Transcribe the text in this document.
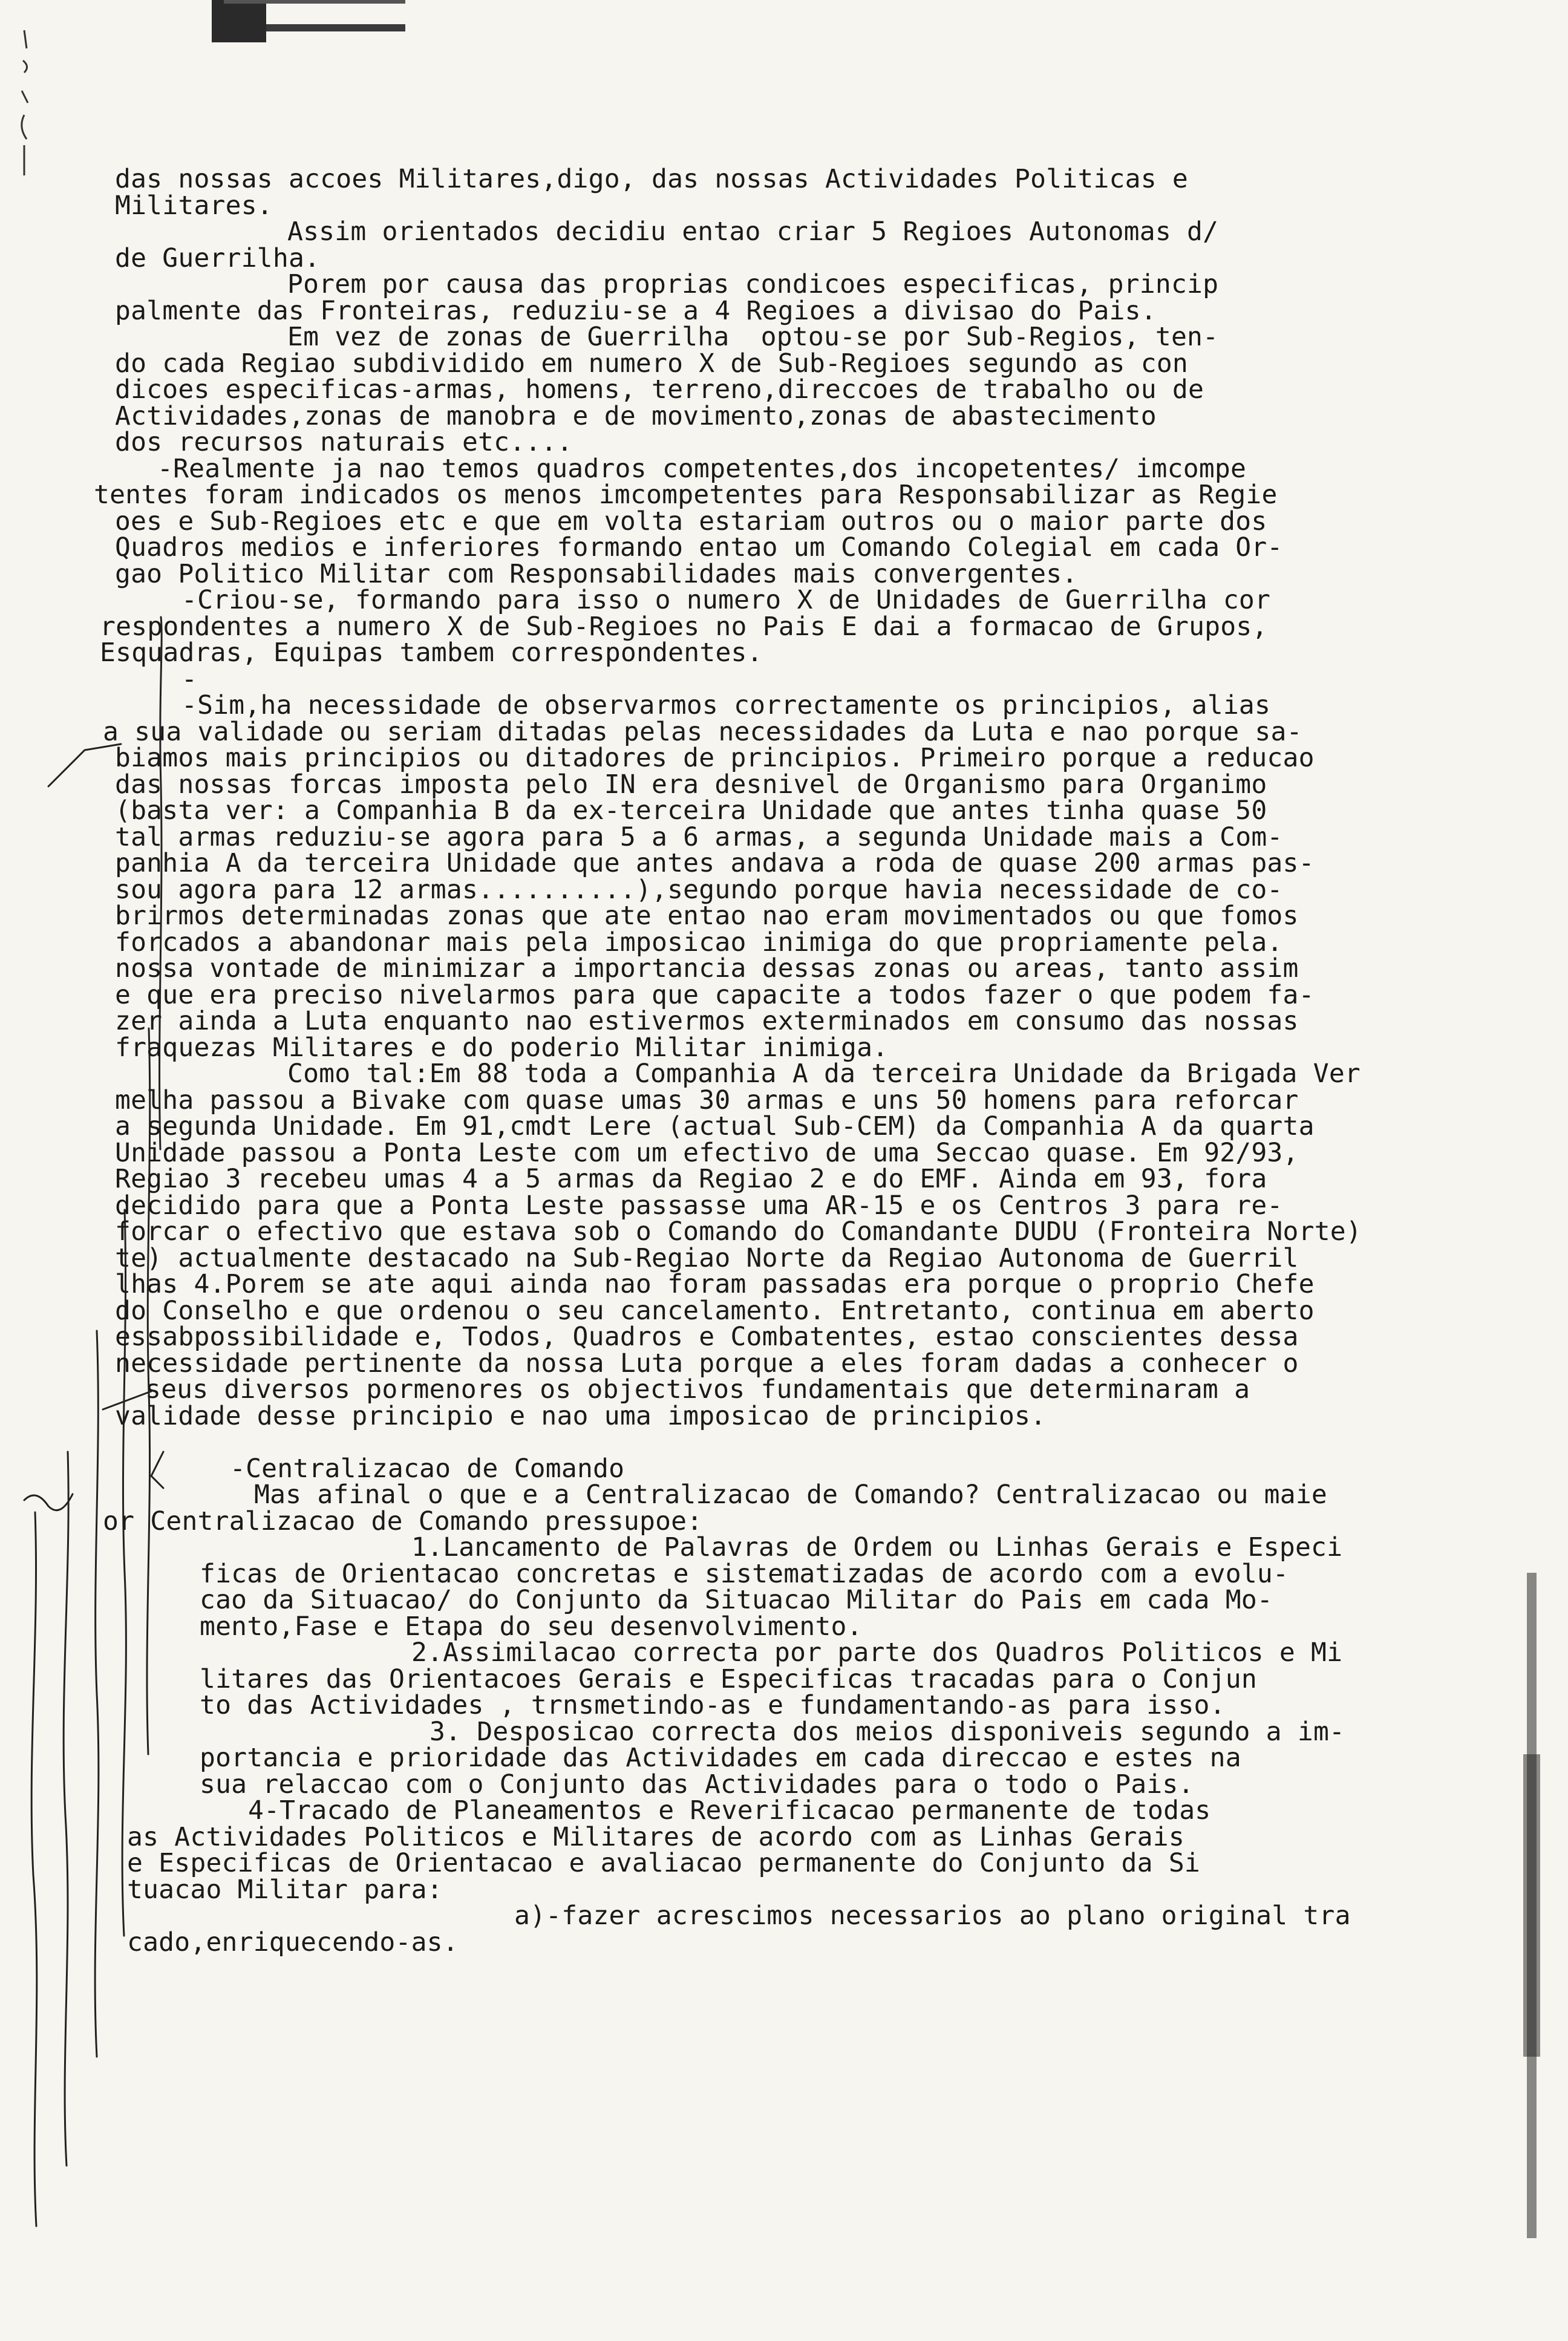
das nossas accoes Militares,digo, das nossas Actividades Politicas e
Militares.
Assim orientados decidiu entao criar 5 Regioes Autonomas d/
de Guerrilha.
Porem por causa das proprias condicoes especificas, princip
palmente das Fronteiras, reduziu-se a 4 Regioes a divisao do Pais.
Em vez de zonas de Guerrilha  optou-se por Sub-Regios, ten-
do cada Regiao subdividido em numero X de Sub-Regioes segundo as con
dicoes especificas-armas, homens, terreno,direccoes de trabalho ou de
Actividades,zonas de manobra e de movimento,zonas de abastecimento
dos recursos naturais etc....
-Realmente ja nao temos quadros competentes,dos incopetentes/ imcompe
tentes foram indicados os menos imcompetentes para Responsabilizar as Regie
oes e Sub-Regioes etc e que em volta estariam outros ou o maior parte dos
Quadros medios e inferiores formando entao um Comando Colegial em cada Or-
gao Politico Militar com Responsabilidades mais convergentes.
-Criou-se, formando para isso o numero X de Unidades de Guerrilha cor
respondentes a numero X de Sub-Regioes no Pais E dai a formacao de Grupos,
Esquadras, Equipas tambem correspondentes.
-
-Sim,ha necessidade de observarmos correctamente os principios, alias
a sua validade ou seriam ditadas pelas necessidades da Luta e nao porque sa-
biamos mais principios ou ditadores de principios. Primeiro porque a reducao
das nossas forcas imposta pelo IN era desnivel de Organismo para Organimo
(basta ver: a Companhia B da ex-terceira Unidade que antes tinha quase 50
tal armas reduziu-se agora para 5 a 6 armas, a segunda Unidade mais a Com-
panhia A da terceira Unidade que antes andava a roda de quase 200 armas pas-
sou agora para 12 armas..........),segundo porque havia necessidade de co-
brirmos determinadas zonas que ate entao nao eram movimentados ou que fomos
forcados a abandonar mais pela imposicao inimiga do que propriamente pela.
nossa vontade de minimizar a importancia dessas zonas ou areas, tanto assim
e que era preciso nivelarmos para que capacite a todos fazer o que podem fa-
zer ainda a Luta enquanto nao estivermos exterminados em consumo das nossas
fraquezas Militares e do poderio Militar inimiga.
Como tal:Em 88 toda a Companhia A da terceira Unidade da Brigada Ver
melha passou a Bivake com quase umas 30 armas e uns 50 homens para reforcar
a segunda Unidade. Em 91,cmdt Lere (actual Sub-CEM) da Companhia A da quarta
Unidade passou a Ponta Leste com um efectivo de uma Seccao quase. Em 92/93,
Regiao 3 recebeu umas 4 a 5 armas da Regiao 2 e do EMF. Ainda em 93, fora
decidido para que a Ponta Leste passasse uma AR-15 e os Centros 3 para re-
forcar o efectivo que estava sob o Comando do Comandante DUDU (Fronteira Norte)
te) actualmente destacado na Sub-Regiao Norte da Regiao Autonoma de Guerril
lhas 4.Porem se ate aqui ainda nao foram passadas era porque o proprio Chefe
do Conselho e que ordenou o seu cancelamento. Entretanto, continua em aberto
essabpossibilidade e, Todos, Quadros e Combatentes, estao conscientes dessa
necessidade pertinente da nossa Luta porque a eles foram dadas a conhecer o
seus diversos pormenores os objectivos fundamentais que determinaram a
validade desse principio e nao uma imposicao de principios.
-Centralizacao de Comando
Mas afinal o que e a Centralizacao de Comando? Centralizacao ou maie
or Centralizacao de Comando pressupoe:
1.Lancamento de Palavras de Ordem ou Linhas Gerais e Especi
ficas de Orientacao concretas e sistematizadas de acordo com a evolu-
cao da Situacao/ do Conjunto da Situacao Militar do Pais em cada Mo-
mento,Fase e Etapa do seu desenvolvimento.
2.Assimilacao correcta por parte dos Quadros Politicos e Mi
litares das Orientacoes Gerais e Especificas tracadas para o Conjun
to das Actividades , trnsmetindo-as e fundamentando-as para isso.
3. Desposicao correcta dos meios disponiveis segundo a im-
portancia e prioridade das Actividades em cada direccao e estes na
sua relaccao com o Conjunto das Actividades para o todo o Pais.
4-Tracado de Planeamentos e Reverificacao permanente de todas
as Actividades Politicos e Militares de acordo com as Linhas Gerais
e Especificas de Orientacao e avaliacao permanente do Conjunto da Si
tuacao Militar para:
a)-fazer acrescimos necessarios ao plano original tra
cado,enriquecendo-as.
